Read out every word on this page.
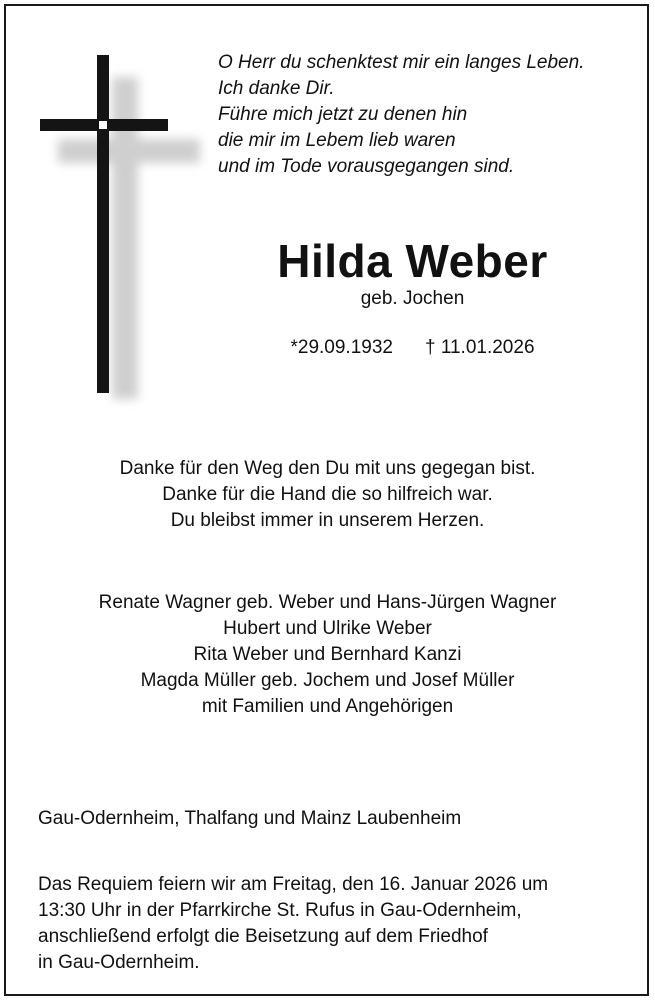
O Herr du schenktest mir ein langes Leben.
Ich danke Dir.
Führe mich jetzt zu denen hin
die mir im Lebem lieb waren
und im Tode vorausgegangen sind.
Hilda Weber
geb. Jochen
*29.09.1932 † 11.01.2026
Danke für den Weg den Du mit uns gegegan bist.
Danke für die Hand die so hilfreich war.
Du bleibst immer in unserem Herzen.
Renate Wagner geb. Weber und Hans-Jürgen Wagner
Hubert und Ulrike Weber
Rita Weber und Bernhard Kanzi
Magda Müller geb. Jochem und Josef Müller
mit Familien und Angehörigen
Gau-Odernheim, Thalfang und Mainz Laubenheim
Das Requiem feiern wir am Freitag, den 16. Januar 2026 um
13:30 Uhr in der Pfarrkirche St. Rufus in Gau-Odernheim,
anschließend erfolgt die Beisetzung auf dem Friedhof
in Gau-Odernheim.
